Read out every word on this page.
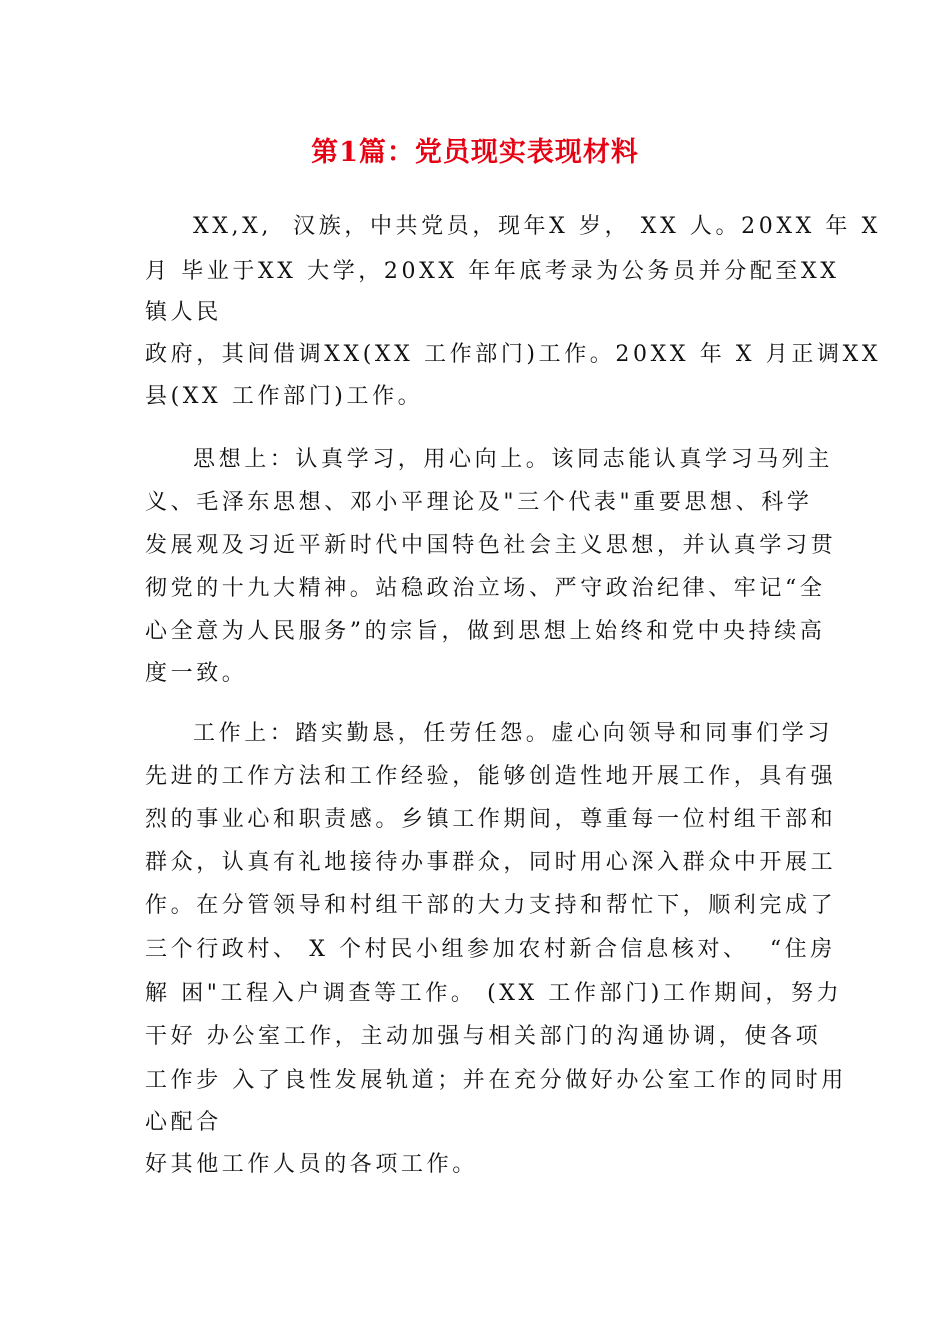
第1篇：党员现实表现材料

XX,X,  汉族，中共党员，现年X 岁， XX 人。20XX 年 X

月 毕业于XX 大学，20XX 年年底考录为公务员并分配至XX

镇人民

政府，其间借调XX(XX 工作部门)工作。20XX 年 X 月正调XX

县(XX 工作部门)工作。

思想上：认真学习，用心向上。该同志能认真学习马列主

义、毛泽东思想、邓小平理论及"三个代表"重要思想、科学

发展观及习近平新时代中国特色社会主义思想，并认真学习贯

彻党的十九大精神。站稳政治立场、严守政治纪律、牢记“全

心全意为人民服务”的宗旨，做到思想上始终和党中央持续高

度一致。

工作上：踏实勤恳，任劳任怨。虚心向领导和同事们学习

先进的工作方法和工作经验，能够创造性地开展工作，具有强

烈的事业心和职责感。乡镇工作期间，尊重每一位村组干部和

群众，认真有礼地接待办事群众，同时用心深入群众中开展工

作。在分管领导和村组干部的大力支持和帮忙下，顺利完成了

三个行政村、 X 个村民小组参加农村新合信息核对、  “住房

解 困"工程入户调查等工作。 (XX 工作部门)工作期间，努力

干好 办公室工作，主动加强与相关部门的沟通协调，使各项

工作步 入了良性发展轨道；并在充分做好办公室工作的同时用

心配合

好其他工作人员的各项工作。
